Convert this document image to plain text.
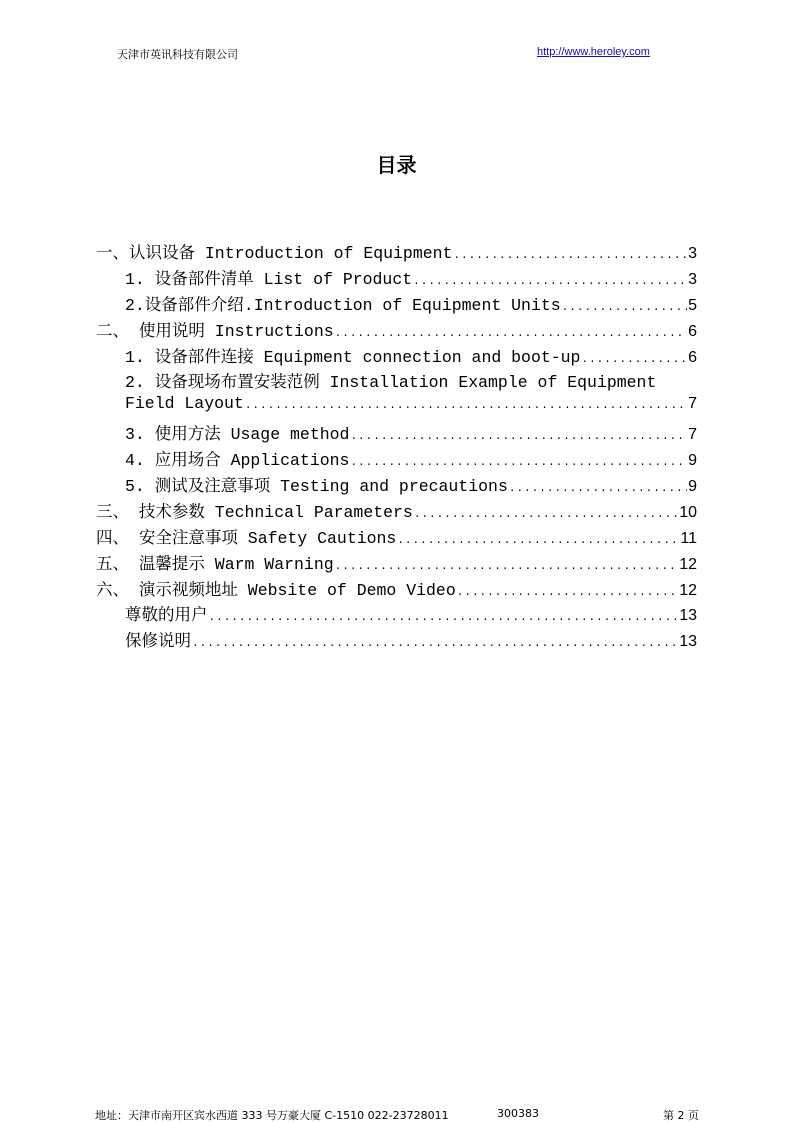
天津市英讯科技有限公司	http://www.heroley.com
目录
一、认识设备 Introduction of Equipment .....	3
1. 设备部件清单 List of Product .....	3
2.设备部件介绍.Introduction of Equipment Units .....	5
二、 使用说明 Instructions .....	6
1. 设备部件连接 Equipment connection and boot-up .....	6
2. 设备现场布置安装范例 Installation Example of Equipment
Field Layout .....	7
3. 使用方法 Usage method .....	7
4. 应用场合 Applications .....	9
5. 测试及注意事项 Testing and precautions .....	9
三、 技术参数 Technical Parameters .....	10
四、 安全注意事项 Safety Cautions .....	11
五、 温馨提示 Warm Warning .....	12
六、 演示视频地址 Website of Demo Video .....	12
尊敬的用户 .....	13
保修说明 .....	13
地址：天津市南开区宾水西道 333 号万豪大厦 C-1510 022-23728011	300383	第 2 页
